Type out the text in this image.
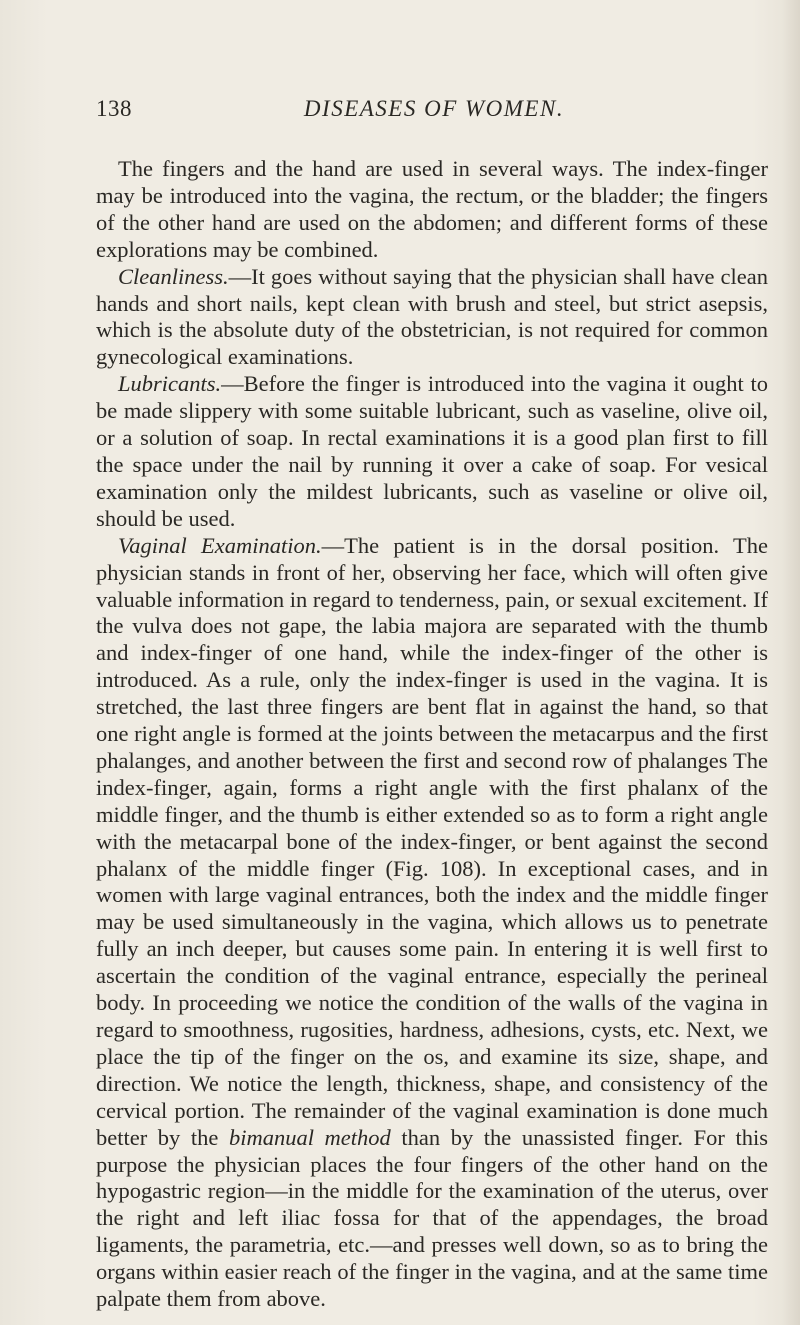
138	DISEASES OF WOMEN.

The fingers and the hand are used in several ways. The index-finger may be introduced into the vagina, the rectum, or the bladder; the fingers of the other hand are used on the abdomen; and different forms of these explorations may be combined.

Cleanliness.—It goes without saying that the physician shall have clean hands and short nails, kept clean with brush and steel, but strict asepsis, which is the absolute duty of the obstetrician, is not required for common gynecological examinations.

Lubricants.—Before the finger is introduced into the vagina it ought to be made slippery with some suitable lubricant, such as vaseline, olive oil, or a solution of soap. In rectal examinations it is a good plan first to fill the space under the nail by running it over a cake of soap. For vesical examination only the mildest lubricants, such as vaseline or olive oil, should be used.

Vaginal Examination.—The patient is in the dorsal position. The physician stands in front of her, observing her face, which will often give valuable information in regard to tenderness, pain, or sexual excitement. If the vulva does not gape, the labia majora are separated with the thumb and index-finger of one hand, while the index-finger of the other is introduced. As a rule, only the index-finger is used in the vagina. It is stretched, the last three fingers are bent flat in against the hand, so that one right angle is formed at the joints between the metacarpus and the first phalanges, and another between the first and second row of phalanges The index-finger, again, forms a right angle with the first phalanx of the middle finger, and the thumb is either extended so as to form a right angle with the metacarpal bone of the index-finger, or bent against the second phalanx of the middle finger (Fig. 108). In exceptional cases, and in women with large vaginal entrances, both the index and the middle finger may be used simultaneously in the vagina, which allows us to penetrate fully an inch deeper, but causes some pain. In entering it is well first to ascertain the condition of the vaginal entrance, especially the perineal body. In proceeding we notice the condition of the walls of the vagina in regard to smoothness, rugosities, hardness, adhesions, cysts, etc. Next, we place the tip of the finger on the os, and examine its size, shape, and direction. We notice the length, thickness, shape, and consistency of the cervical portion. The remainder of the vaginal examination is done much better by the bimanual method than by the unassisted finger. For this purpose the physician places the four fingers of the other hand on the hypogastric region—in the middle for the examination of the uterus, over the right and left iliac fossa for that of the appendages, the broad ligaments, the parametria, etc.—and presses well down, so as to bring the organs within easier reach of the finger in the vagina, and at the same time palpate them from above.
